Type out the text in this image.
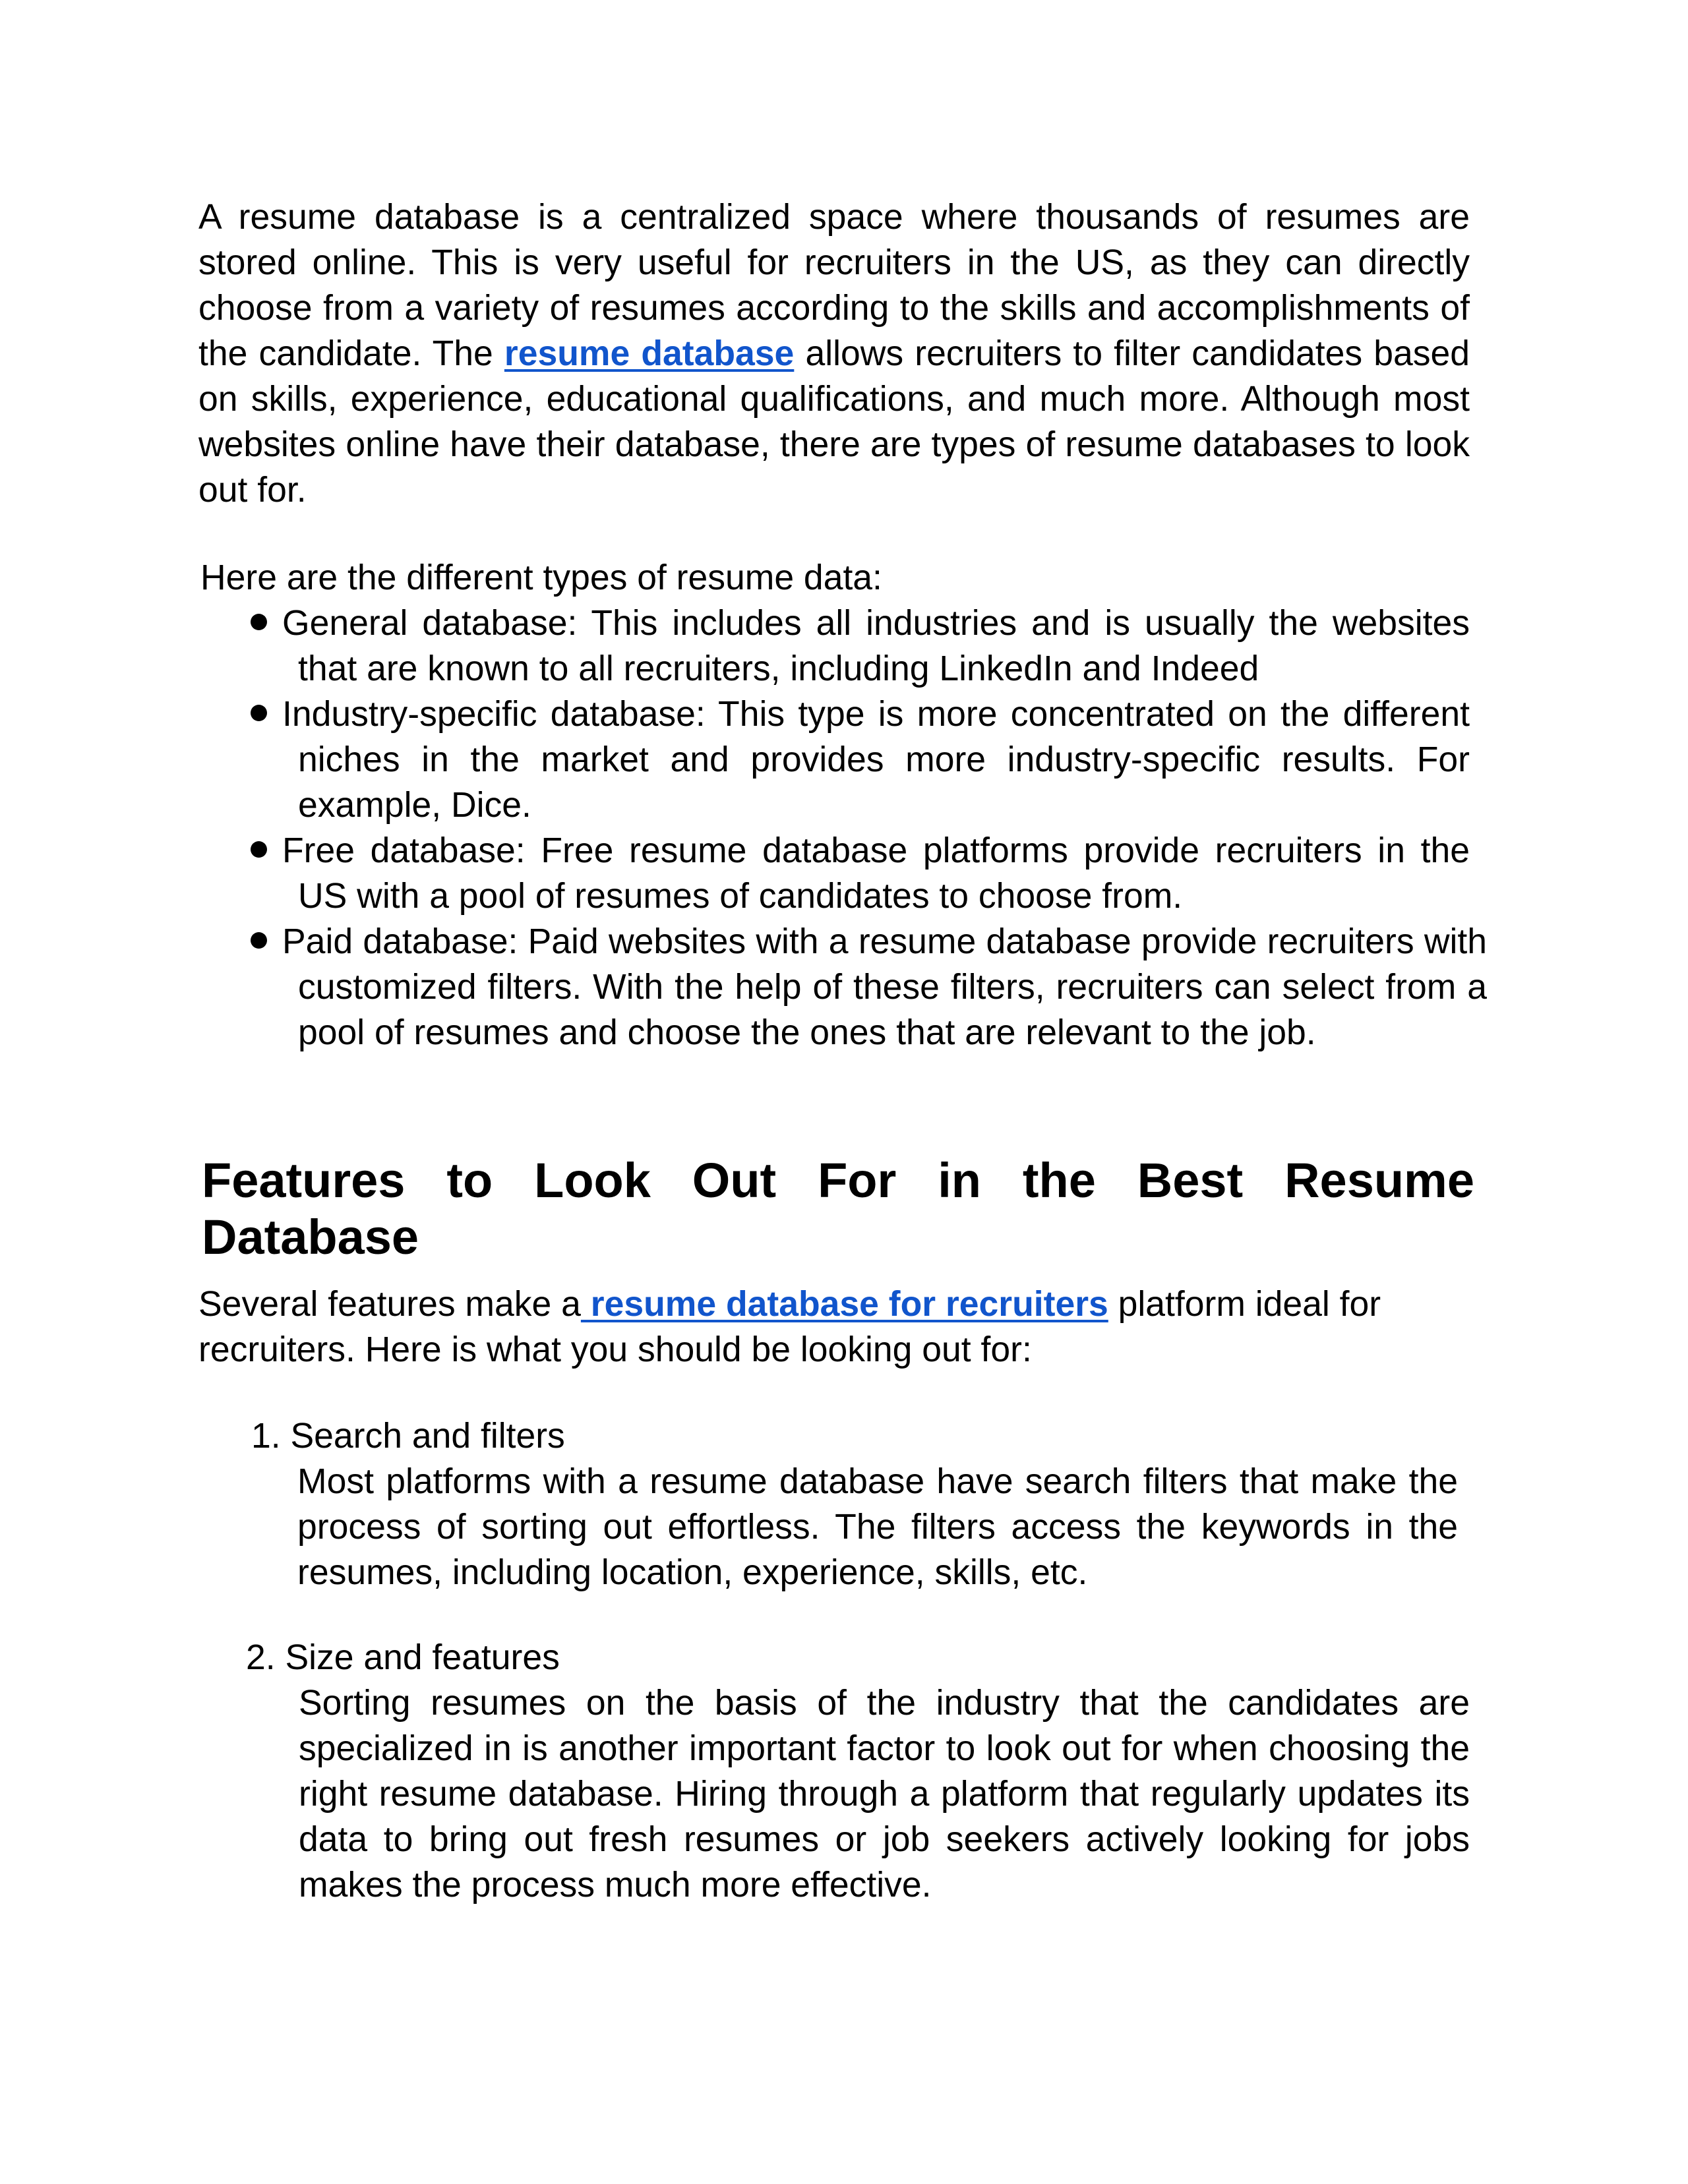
A resume database is a centralized space where thousands of resumes are stored online. This is very useful for recruiters in the US, as they can directly choose from a variety of resumes according to the skills and accomplishments of the candidate. The resume database allows recruiters to filter candidates based on skills, experience, educational qualifications, and much more. Although most websites online have their database, there are types of resume databases to look out for.

Here are the different types of resume data:

General database: This includes all industries and is usually the websites that are known to all recruiters, including LinkedIn and Indeed
Industry-specific database: This type is more concentrated on the different niches in the market and provides more industry-specific results. For example, Dice.
Free database: Free resume database platforms provide recruiters in the US with a pool of resumes of candidates to choose from.
Paid database: Paid websites with a resume database provide recruiters with customized filters. With the help of these filters, recruiters can select from a pool of resumes and choose the ones that are relevant to the job.
Features to Look Out For in the Best Resume Database

Several features make a resume database for recruiters platform ideal for recruiters. Here is what you should be looking out for:

1. Search and filters
Most platforms with a resume database have search filters that make the process of sorting out effortless. The filters access the keywords in the resumes, including location, experience, skills, etc.
2. Size and features
Sorting resumes on the basis of the industry that the candidates are specialized in is another important factor to look out for when choosing the right resume database. Hiring through a platform that regularly updates its data to bring out fresh resumes or job seekers actively looking for jobs makes the process much more effective.
